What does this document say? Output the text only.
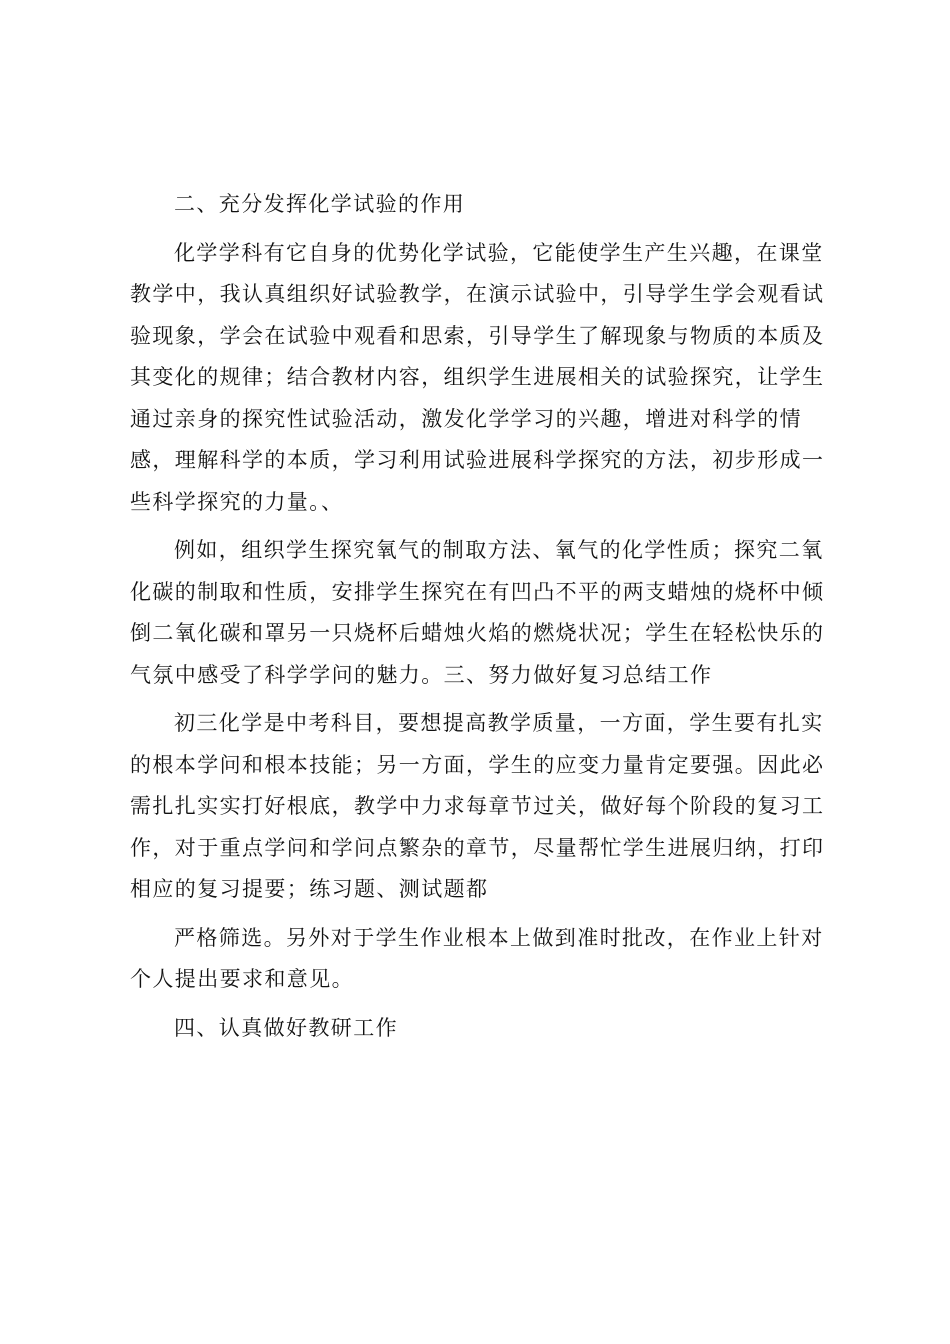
二、充分发挥化学试验的作用
化学学科有它自身的优势化学试验，它能使学生产生兴趣，在课堂
教学中，我认真组织好试验教学，在演示试验中，引导学生学会观看试
验现象，学会在试验中观看和思索，引导学生了解现象与物质的本质及
其变化的规律；结合教材内容，组织学生进展相关的试验探究，让学生
通过亲身的探究性试验活动，激发化学学习的兴趣，增进对科学的情
感，理解科学的本质，学习利用试验进展科学探究的方法，初步形成一
些科学探究的力量。、
例如，组织学生探究氧气的制取方法、氧气的化学性质；探究二氧
化碳的制取和性质，安排学生探究在有凹凸不平的两支蜡烛的烧杯中倾
倒二氧化碳和罩另一只烧杯后蜡烛火焰的燃烧状况；学生在轻松快乐的
气氛中感受了科学学问的魅力。三、努力做好复习总结工作
初三化学是中考科目，要想提高教学质量，一方面，学生要有扎实
的根本学问和根本技能；另一方面，学生的应变力量肯定要强。因此必
需扎扎实实打好根底，教学中力求每章节过关，做好每个阶段的复习工
作，对于重点学问和学问点繁杂的章节，尽量帮忙学生进展归纳，打印
相应的复习提要；练习题、测试题都
严格筛选。另外对于学生作业根本上做到准时批改，在作业上针对
个人提出要求和意见。
四、认真做好教研工作
